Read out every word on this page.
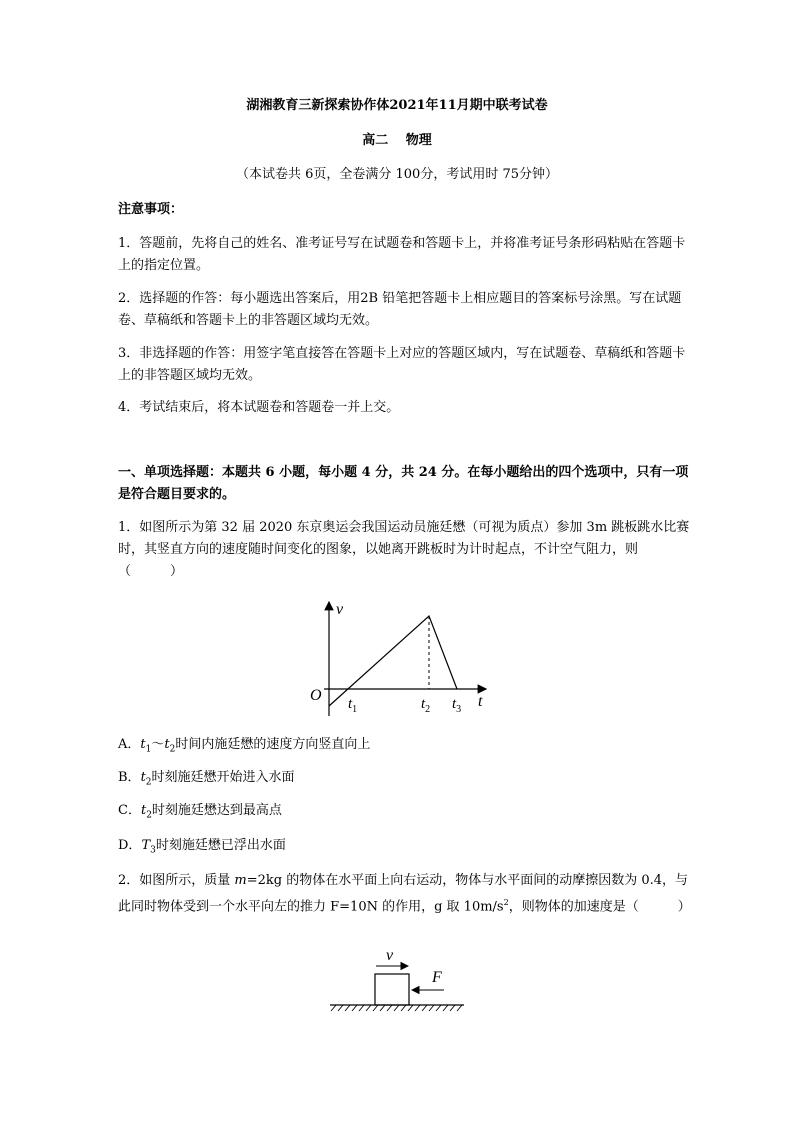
湖湘教育三新探索协作体2021年11月期中联考试卷
高二　 物理
（本试卷共 6页，全卷满分 100分，考试用时 75分钟）
注意事项：
1．答题前，先将自己的姓名、准考证号写在试题卷和答题卡上，并将准考证号条形码粘贴在答题卡上的指定位置。
2．选择题的作答：每小题选出答案后，用2B 铅笔把答题卡上相应题目的答案标号涂黑。写在试题卷、草稿纸和答题卡上的非答题区域均无效。
3．非选择题的作答：用签字笔直接答在答题卡上对应的答题区域内，写在试题卷、草稿纸和答题卡上的非答题区域均无效。
4．考试结束后，将本试题卷和答题卷一并上交。
一、单项选择题：本题共 6 小题，每小题 4 分，共 24 分。在每小题给出的四个选项中，只有一项是符合题目要求的。
1．如图所示为第 32 届 2020 东京奥运会我国运动员施廷懋（可视为质点）参加 3m 跳板跳水比赛时，其竖直方向的速度随时间变化的图象，以她离开跳板时为计时起点，不计空气阻力，则（　　　）
v
O	t
$t_1$	$t_2$ $t_3$
A．$t_1\sim t_2$时间内施廷懋的速度方向竖直向上
B．$t_2$时刻施廷懋开始进入水面
C．$t_2$时刻施廷懋达到最高点
D．$T_3$时刻施廷懋已浮出水面
2．如图所示，质量 m=2kg 的物体在水平面上向右运动，物体与水平面间的动摩擦因数为 0.4，与此同时物体受到一个水平向左的推力 F=10N 的作用，g 取 $10m/s^2$，则物体的加速度是（　　　）
v
F
